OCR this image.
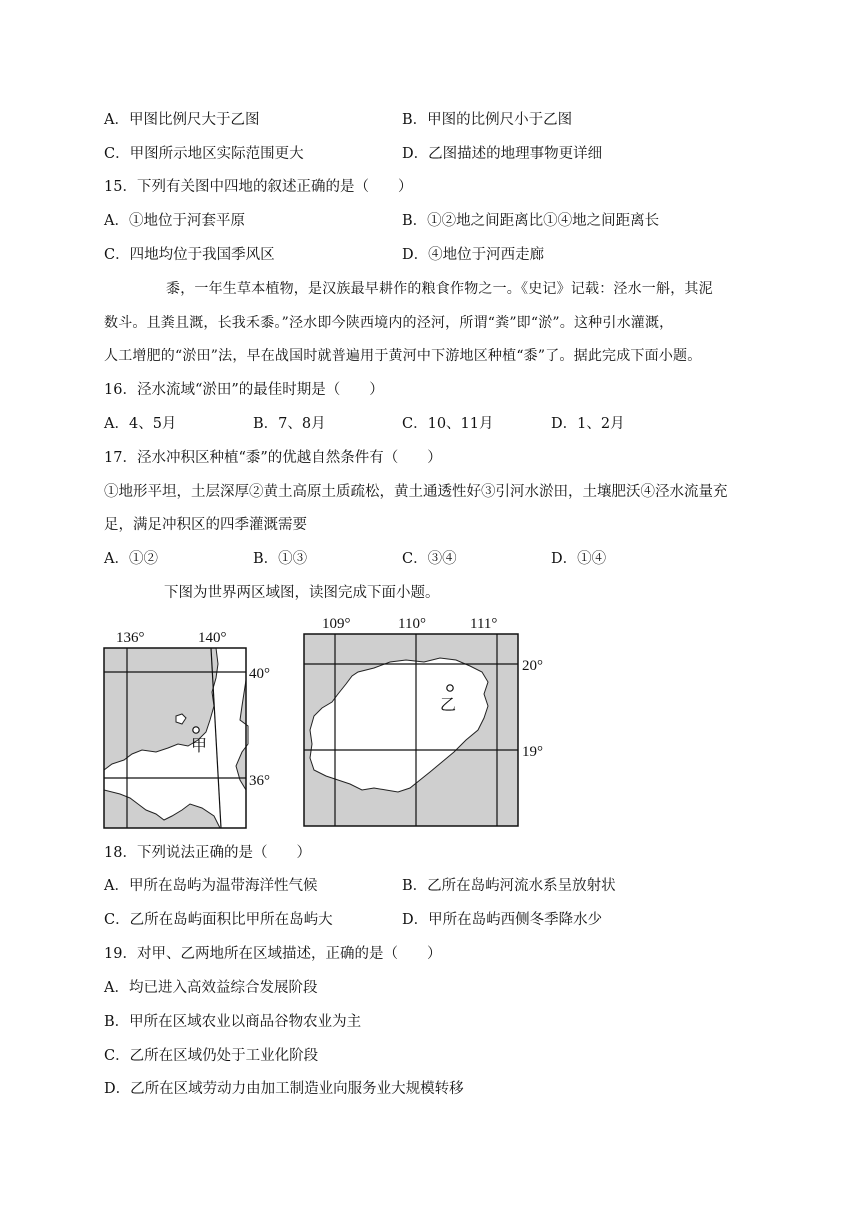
A．甲图比例尺大于乙图	B．甲图的比例尺小于乙图
C．甲图所示地区实际范围更大	D．乙图描述的地理事物更详细
15．下列有关图中四地的叙述正确的是（　　）
A．①地位于河套平原	B．①②地之间距离比①④地之间距离长
C．四地均位于我国季风区	D．④地位于河西走廊
黍，一年生草本植物，是汉族最早耕作的粮食作物之一。《史记》记载：泾水一斛，其泥
数斗。且粪且溉，长我禾黍。”泾水即今陕西境内的泾河，所谓“粪”即“淤”。这种引水灌溉，
人工增肥的“淤田”法，早在战国时就普遍用于黄河中下游地区种植“黍”了。据此完成下面小题。
16．泾水流域“淤田”的最佳时期是（　　）
A．4、5月	B．7、8月	C．10、11月	D．1、2月
17．泾水冲积区种植“黍”的优越自然条件有（　　）
①地形平坦，土层深厚②黄土高原土质疏松，黄土通透性好③引河水淤田，土壤肥沃④泾水流量充
足，满足冲积区的四季灌溉需要
A．①②	B．①③	C．③④	D．①④
下图为世界两区域图，读图完成下面小题。
136°	140°
40°
36°
甲
109°	110°	111°
20°
19°
乙
18．下列说法正确的是（　　）
A．甲所在岛屿为温带海洋性气候	B．乙所在岛屿河流水系呈放射状
C．乙所在岛屿面积比甲所在岛屿大	D．甲所在岛屿西侧冬季降水少
19．对甲、乙两地所在区域描述，正确的是（　　）
A．均已进入高效益综合发展阶段
B．甲所在区域农业以商品谷物农业为主
C．乙所在区域仍处于工业化阶段
D．乙所在区域劳动力由加工制造业向服务业大规模转移
